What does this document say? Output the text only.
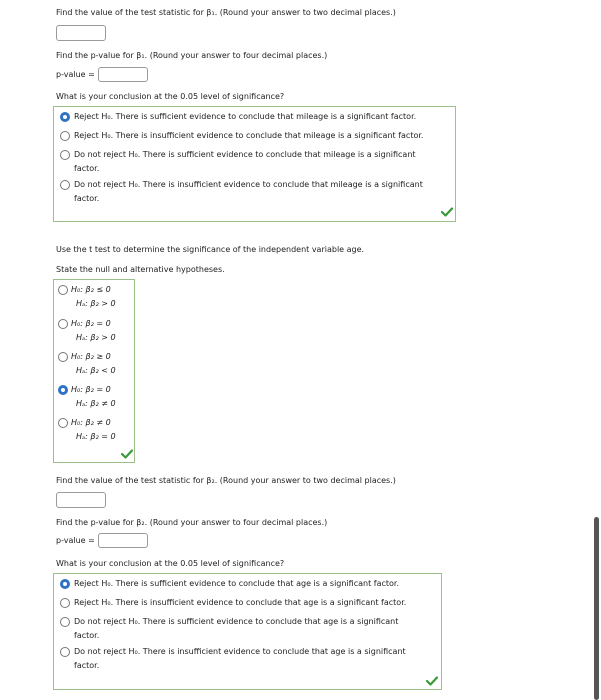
Find the value of the test statistic for β₁. (Round your answer to two decimal places.)
Find the p-value for β₁. (Round your answer to four decimal places.)
p-value =
What is your conclusion at the 0.05 level of significance?
Reject H₀. There is sufficient evidence to conclude that mileage is a significant factor.
Reject H₀. There is insufficient evidence to conclude that mileage is a significant factor.
Do not reject H₀. There is sufficient evidence to conclude that mileage is a significant
factor.
Do not reject H₀. There is insufficient evidence to conclude that mileage is a significant
factor.
Use the t test to determine the significance of the independent variable age.
State the null and alternative hypotheses.
H₀: β₂ ≤ 0
Hₐ: β₂ > 0
H₀: β₂ = 0
Hₐ: β₂ > 0
H₀: β₂ ≥ 0
Hₐ: β₂ < 0
H₀: β₂ = 0
Hₐ: β₂ ≠ 0
H₀: β₂ ≠ 0
Hₐ: β₂ = 0
Find the value of the test statistic for β₂. (Round your answer to two decimal places.)
Find the p-value for β₂. (Round your answer to four decimal places.)
p-value =
What is your conclusion at the 0.05 level of significance?
Reject H₀. There is sufficient evidence to conclude that age is a significant factor.
Reject H₀. There is insufficient evidence to conclude that age is a significant factor.
Do not reject H₀. There is sufficient evidence to conclude that age is a significant
factor.
Do not reject H₀. There is insufficient evidence to conclude that age is a significant
factor.
